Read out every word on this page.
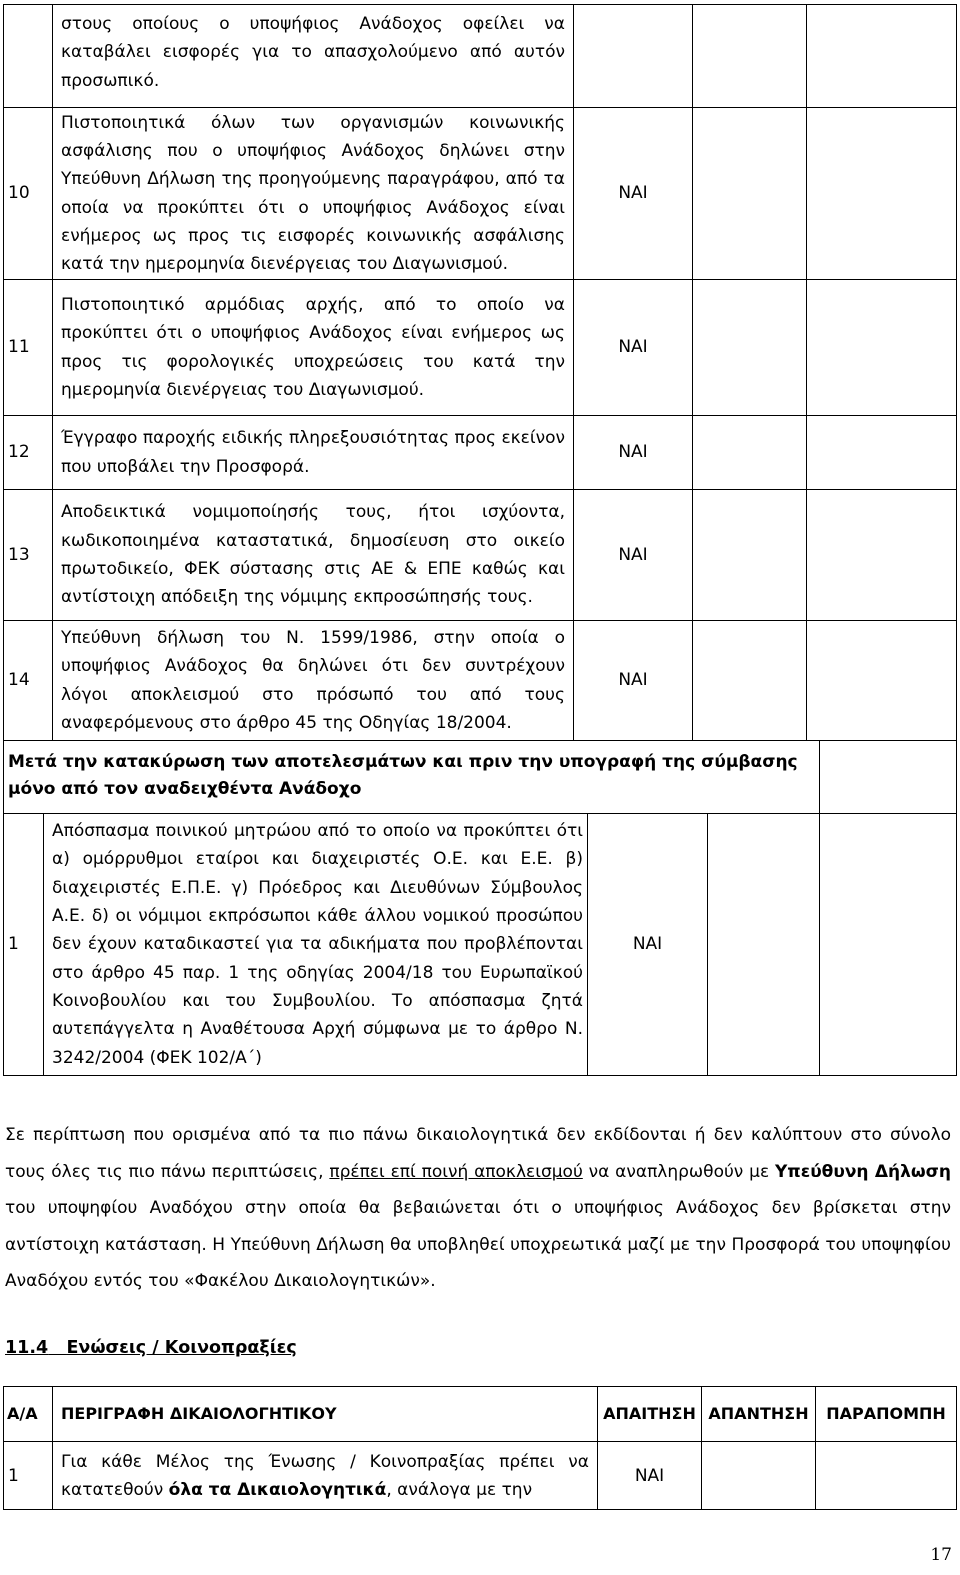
	στους οποίους ο υποψήφιος Ανάδοχος οφείλει να καταβάλει εισφορές για το απασχολούμενο από αυτόν προσωπικό.			
10	Πιστοποιητικά όλων των οργανισμών κοινωνικής ασφάλισης που ο υποψήφιος Ανάδοχος δηλώνει στην Υπεύθυνη Δήλωση της προηγούμενης παραγράφου, από τα οποία να προκύπτει ότι ο υποψήφιος Ανάδοχος είναι ενήμερος ως προς τις εισφορές κοινωνικής ασφάλισης κατά την ημερομηνία διενέργειας του Διαγωνισμού.	ΝΑΙ		
11	Πιστοποιητικό αρμόδιας αρχής, από το οποίο να προκύπτει ότι ο υποψήφιος Ανάδοχος είναι ενήμερος ως προς τις φορολογικές υποχρεώσεις του κατά την ημερομηνία διενέργειας του Διαγωνισμού.	ΝΑΙ		
12	Έγγραφο παροχής ειδικής πληρεξουσιότητας προς εκείνον που υποβάλει την Προσφορά.	ΝΑΙ		
13	Αποδεικτικά νομιμοποίησής τους, ήτοι ισχύοντα, κωδικοποιημένα καταστατικά, δημοσίευση στο οικείο πρωτοδικείο, ΦΕΚ σύστασης στις ΑΕ & ΕΠΕ καθώς και αντίστοιχη απόδειξη της νόμιμης εκπροσώπησής τους.	ΝΑΙ		
14	Υπεύθυνη δήλωση του Ν. 1599/1986, στην οποία ο υποψήφιος Ανάδοχος θα δηλώνει ότι δεν συντρέχουν λόγοι αποκλεισμού στο πρόσωπό του από τους αναφερόμενους στο άρθρο 45 της Οδηγίας 18/2004.	ΝΑΙ		
Μετά την κατακύρωση των αποτελεσμάτων και πριν την υπογραφή της σύμβασης μόνο από τον αναδειχθέντα Ανάδοχο				
1	Απόσπασμα ποινικού μητρώου από το οποίο να προκύπτει ότι α) ομόρρυθμοι εταίροι και διαχειριστές Ο.Ε. και Ε.Ε. β) διαχειριστές Ε.Π.Ε. γ) Πρόεδρος και Διευθύνων Σύμβουλος Α.Ε. δ) οι νόμιμοι εκπρόσωποι κάθε άλλου νομικού προσώπου δεν έχουν καταδικαστεί για τα αδικήματα που προβλέπονται στο άρθρο 45 παρ. 1 της οδηγίας 2004/18 του Ευρωπαϊκού Κοινοβουλίου και του Συμβουλίου. Το απόσπασμα ζητά αυτεπάγγελτα η Αναθέτουσα Αρχή σύμφωνα με το άρθρο Ν. 3242/2004 (ΦΕΚ 102/Α΄)	ΝΑΙ		

Σε περίπτωση που ορισμένα από τα πιο πάνω δικαιολογητικά δεν εκδίδονται ή δεν καλύπτουν στο σύνολο τους όλες τις πιο πάνω περιπτώσεις, πρέπει επί ποινή αποκλεισμού να αναπληρωθούν με Υπεύθυνη Δήλωση του υποψηφίου Αναδόχου στην οποία θα βεβαιώνεται ότι ο υποψήφιος Ανάδοχος δεν βρίσκεται στην αντίστοιχη κατάσταση. Η Υπεύθυνη Δήλωση θα υποβληθεί υποχρεωτικά μαζί με την Προσφορά του υποψηφίου Αναδόχου εντός του «Φακέλου Δικαιολογητικών».

11.4 Ενώσεις / Κοινοπραξίες
Α/Α	ΠΕΡΙΓΡΑΦΗ ΔΙΚΑΙΟΛΟΓΗΤΙΚΟΥ	ΑΠΑΙΤΗΣΗ	ΑΠΑΝΤΗΣΗ	ΠΑΡΑΠΟΜΠΗ
1	Για κάθε Μέλος της Ένωσης / Κοινοπραξίας πρέπει να κατατεθούν όλα τα Δικαιολογητικά, ανάλογα με την	ΝΑΙ		
17
